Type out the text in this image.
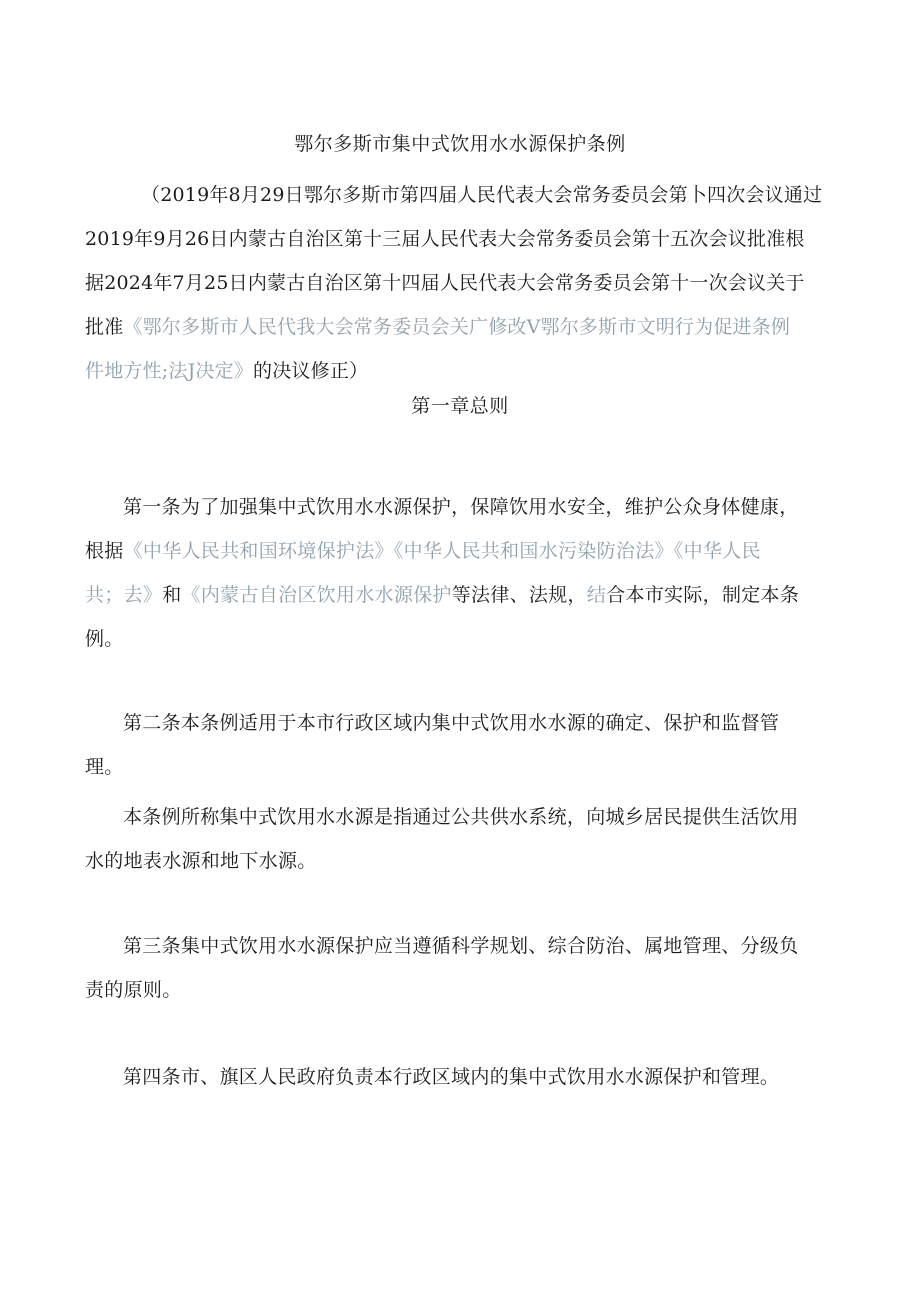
鄂尔多斯市集中式饮用水水源保护条例
（2019年8月29日鄂尔多斯市第四届人民代表大会常务委员会第卜四次会议通过
2019年9月26日内蒙古自治区第十三届人民代表大会常务委员会第十五次会议批准根
据2024年7月25日内蒙古自治区第十四届人民代表大会常务委员会第十一次会议关于
批准《鄂尔多斯市人民代我大会常务委员会关广修改V鄂尔多斯市文明行为促进条例
件地方性;法J决定》的决议修正）
第一章总则
第一条为了加强集中式饮用水水源保护，保障饮用水安全，维护公众身体健康，
根据《中华人民共和国环境保护法》《中华人民共和国水污染防治法》《中华人民
共；去》和《内蒙古自治区饮用水水源保护等法律、法规，结合本市实际，制定本条
例。
第二条本条例适用于本市行政区域内集中式饮用水水源的确定、保护和监督管
理。
本条例所称集中式饮用水水源是指通过公共供水系统，向城乡居民提供生活饮用
水的地表水源和地下水源。
第三条集中式饮用水水源保护应当遵循科学规划、综合防治、属地管理、分级负
责的原则。
第四条市、旗区人民政府负责本行政区域内的集中式饮用水水源保护和管理。
